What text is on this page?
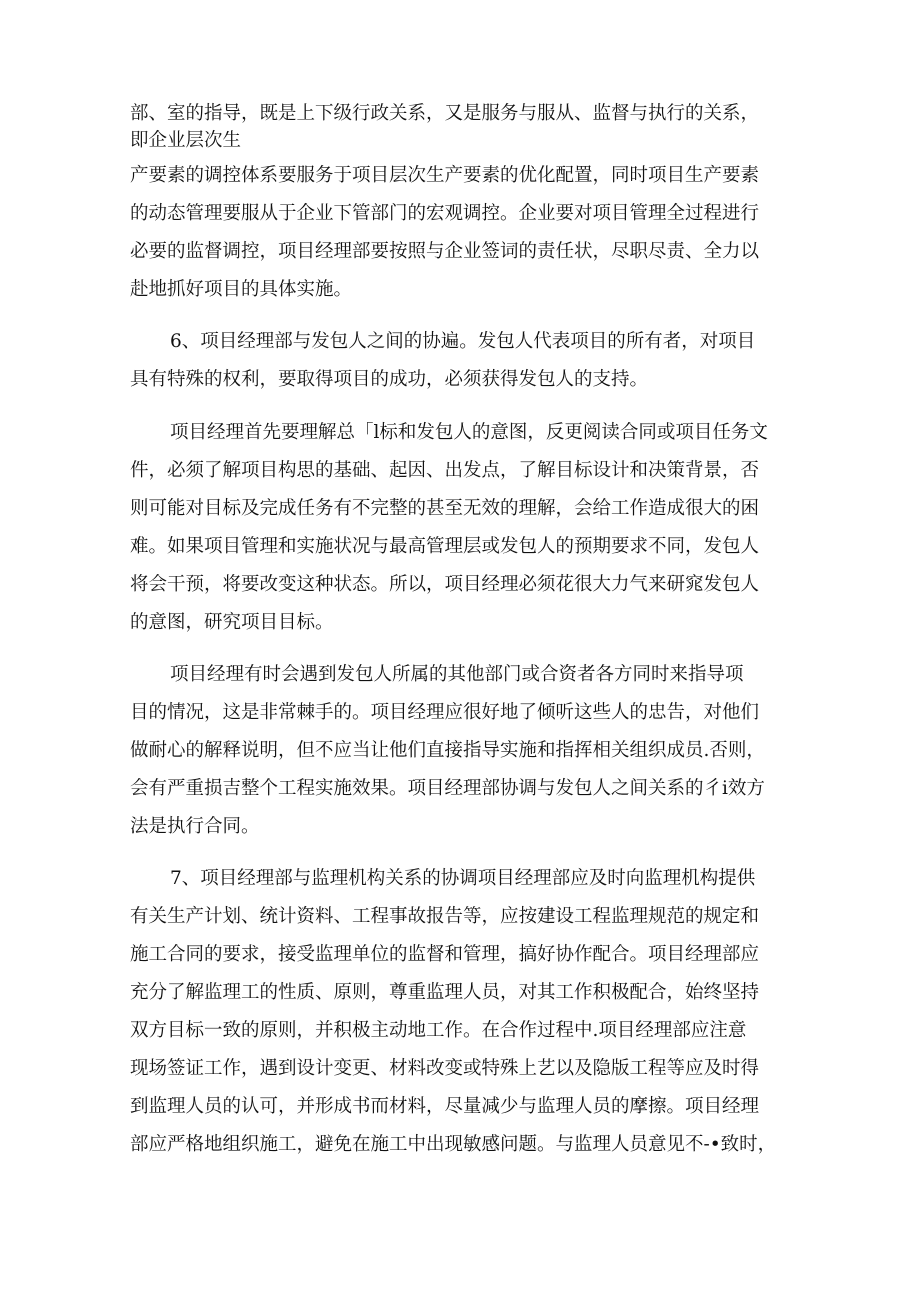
部、室的指导，既是上下级行政关系，又是服务与服从、监督与执行的关系，
即企业层次生
产要素的调控体系要服务于项目层次生产要素的优化配置，同时项目生产要素
的动态管理要服从于企业下管部门的宏观调控。企业要对项目管理全过程进行
必要的监督调控，项目经理部要按照与企业签词的责任状，尽职尽责、全力以
赴地抓好项目的具体实施。
6、项目经理部与发包人之间的协遍。发包人代表项目的所有者，对项目
具有特殊的权利，要取得项目的成功，必须获得发包人的支持。
项目经理首先要理解总「l标和发包人的意图，反更阅读合同或项目任务文
件，必须了解项目构思的基础、起因、出发点，了解目标设计和决策背景，否
则可能对目标及完成任务有不完整的甚至无效的理解，会给工作造成很大的困
难。如果项目管理和实施状况与最高管理层或发包人的预期要求不同，发包人
将会干预，将要改变这种状态。所以，项目经理必须花很大力气来研窕发包人
的意图，研究项目目标。
项目经理有时会遇到发包人所属的其他部门或合资者各方同时来指导项
目的情况，这是非常棘手的。项目经理应很好地了倾听这些人的忠告，对他们
做耐心的解释说明，但不应当让他们直接指导实施和指挥相关组织成员.否则，
会有严重损吉整个工程实施效果。项目经理部协调与发包人之间关系的彳i效方
法是执行合同。
7、项目经理部与监理机构关系的协调项目经理部应及时向监理机构提供
有关生产计划、统计资料、工程事故报告等，应按建设工程监理规范的规定和
施工合同的要求，接受监理单位的监督和管理，搞好协作配合。项目经理部应
充分了解监理工的性质、原则，尊重监理人员，对其工作积极配合，始终坚持
双方目标一致的原则，并积极主动地工作。在合作过程中.项目经理部应注意
现场签证工作，遇到设计变更、材料改变或特殊上艺以及隐版工程等应及时得
到监理人员的认可，并形成书而材料，尽量减少与监理人员的摩擦。项目经理
部应严格地组织施工，避免在施工中出现敏感问题。与监理人员意见不-•致时，
